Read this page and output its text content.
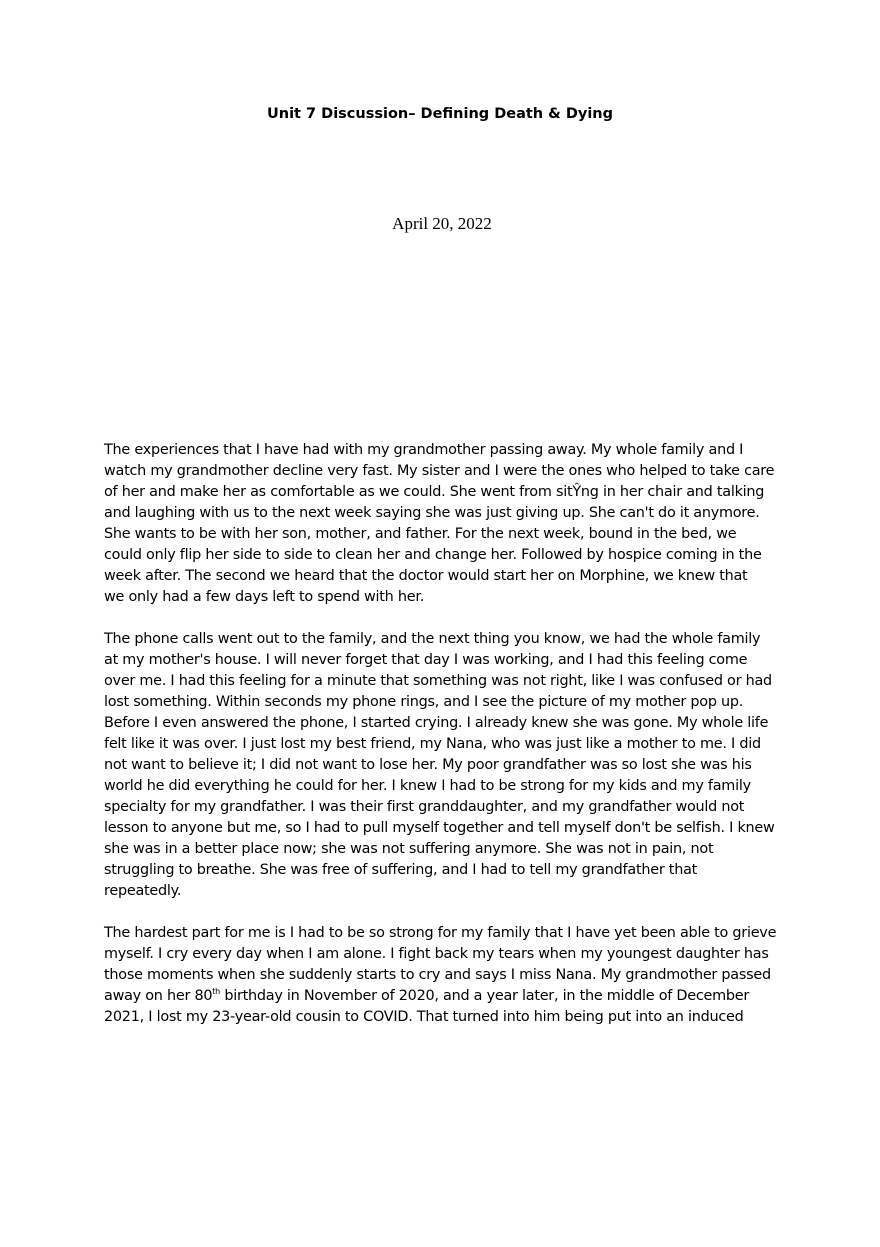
Unit 7 Discussion– Deﬁning Death & Dying
April 20, 2022

The experiences that I have had with my grandmother passing away. My whole family and I
watch my grandmother decline very fast. My sister and I were the ones who helped to take care
of her and make her as comfortable as we could. She went from sitŶng in her chair and talking
and laughing with us to the next week saying she was just giving up. She can't do it anymore.
She wants to be with her son, mother, and father. For the next week, bound in the bed, we
could only flip her side to side to clean her and change her. Followed by hospice coming in the
week after. The second we heard that the doctor would start her on Morphine, we knew that
we only had a few days left to spend with her.

The phone calls went out to the family, and the next thing you know, we had the whole family
at my mother's house. I will never forget that day I was working, and I had this feeling come
over me. I had this feeling for a minute that something was not right, like I was confused or had
lost something. Within seconds my phone rings, and I see the picture of my mother pop up.
Before I even answered the phone, I started crying. I already knew she was gone. My whole life
felt like it was over. I just lost my best friend, my Nana, who was just like a mother to me. I did
not want to believe it; I did not want to lose her. My poor grandfather was so lost she was his
world he did everything he could for her. I knew I had to be strong for my kids and my family
specialty for my grandfather. I was their first granddaughter, and my grandfather would not
lesson to anyone but me, so I had to pull myself together and tell myself don't be selfish. I knew
she was in a better place now; she was not suffering anymore. She was not in pain, not
struggling to breathe. She was free of suffering, and I had to tell my grandfather that
repeatedly.

The hardest part for me is I had to be so strong for my family that I have yet been able to grieve
myself. I cry every day when I am alone. I fight back my tears when my youngest daughter has
those moments when she suddenly starts to cry and says I miss Nana. My grandmother passed
away on her 80th birthday in November of 2020, and a year later, in the middle of December
2021, I lost my 23-year-old cousin to COVID. That turned into him being put into an induced
